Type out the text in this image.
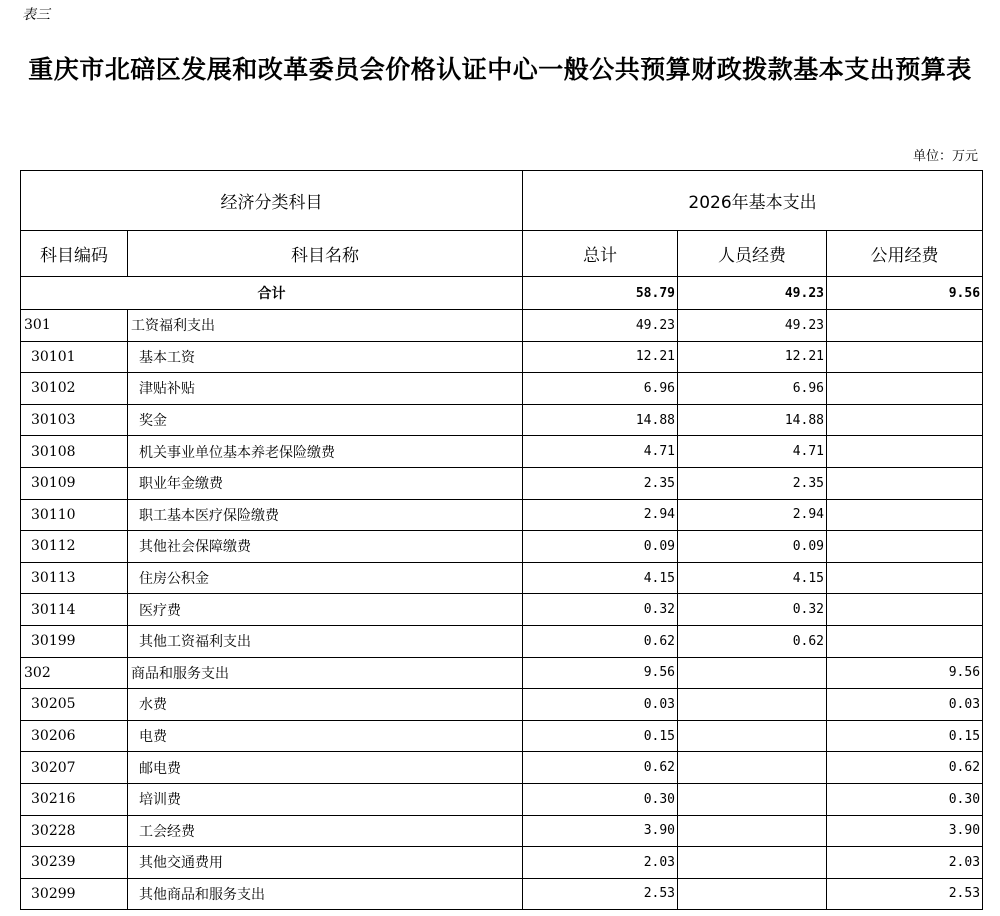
表三
重庆市北碚区发展和改革委员会价格认证中心一般公共预算财政拨款基本支出预算表
单位：万元
经济分类科目		2026年基本支出		
科目编码	科目名称	总计	人员经费	公用经费
合计		58.79	49.23	9.56
301	工资福利支出	49.23	49.23	
30101	基本工资	12.21	12.21	
30102	津贴补贴	6.96	6.96	
30103	奖金	14.88	14.88	
30108	机关事业单位基本养老保险缴费	4.71	4.71	
30109	职业年金缴费	2.35	2.35	
30110	职工基本医疗保险缴费	2.94	2.94	
30112	其他社会保障缴费	0.09	0.09	
30113	住房公积金	4.15	4.15	
30114	医疗费	0.32	0.32	
30199	其他工资福利支出	0.62	0.62	
302	商品和服务支出	9.56		9.56
30205	水费	0.03		0.03
30206	电费	0.15		0.15
30207	邮电费	0.62		0.62
30216	培训费	0.30		0.30
30228	工会经费	3.90		3.90
30239	其他交通费用	2.03		2.03
30299	其他商品和服务支出	2.53		2.53
